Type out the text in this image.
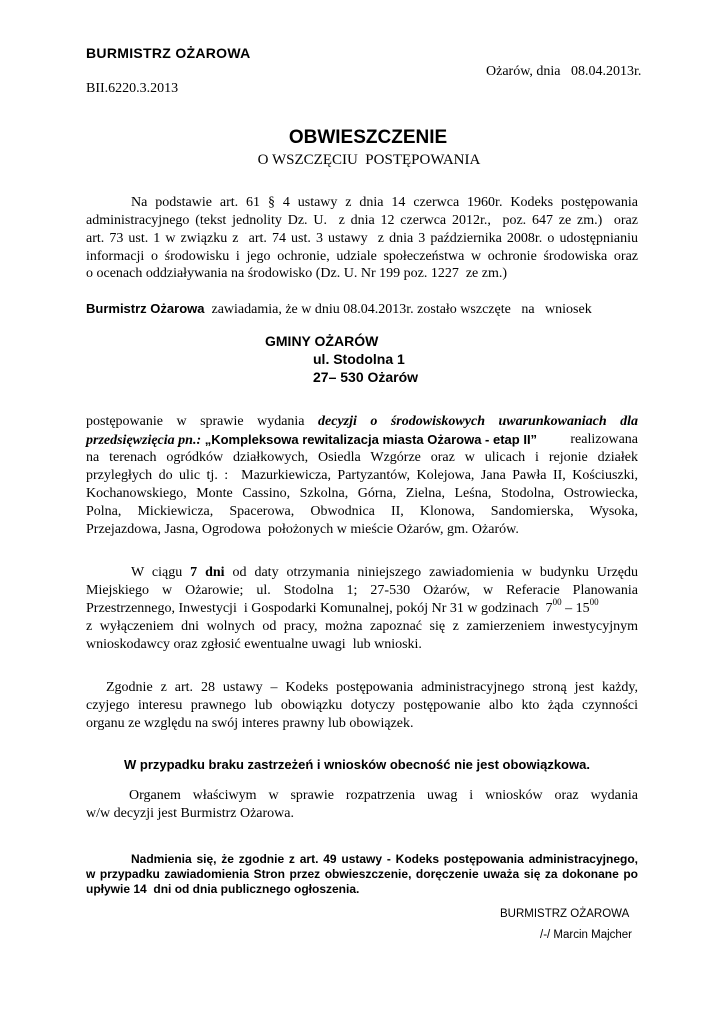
BURMISTRZ OŻAROWA
Ożarów, dnia   08.04.2013r.
BII.6220.3.2013
OBWIESZCZENIE
O WSZCZĘCIU  POSTĘPOWANIA
Na podstawie art. 61 § 4 ustawy z dnia 14 czerwca 1960r. Kodeks postępowania
administracyjnego (tekst jednolity Dz. U.  z dnia 12 czerwca 2012r.,  poz. 647 ze zm.)  oraz
art. 73 ust. 1 w związku z  art. 74 ust. 3 ustawy  z dnia 3 października 2008r. o udostępnianiu
informacji o środowisku i jego ochronie, udziale społeczeństwa w ochronie środowiska oraz
o ocenach oddziaływania na środowisko (Dz. U. Nr 199 poz. 1227  ze zm.)
Burmistrz Ożarowa  zawiadamia, że w dniu 08.04.2013r. zostało wszczęte   na   wniosek
GMINY OŻARÓW
ul. Stodolna 1
27– 530 Ożarów
postępowanie w sprawie wydania decyzji o środowiskowych uwarunkowaniach dla
przedsięwzięcia pn.: „Kompleksowa rewitalizacja miasta Ożarowa - etap II” realizowana
na terenach ogródków działkowych, Osiedla Wzgórze oraz w ulicach i rejonie działek
przyległych do ulic tj. :  Mazurkiewicza, Partyzantów, Kolejowa, Jana Pawła II, Kościuszki,
Kochanowskiego, Monte Cassino, Szkolna, Górna, Zielna, Leśna, Stodolna, Ostrowiecka,
Polna, Mickiewicza, Spacerowa, Obwodnica II, Klonowa, Sandomierska, Wysoka,
Przejazdowa, Jasna, Ogrodowa  położonych w mieście Ożarów, gm. Ożarów.
W ciągu 7 dni od daty otrzymania niniejszego zawiadomienia w budynku Urzędu
Miejskiego w Ożarowie; ul. Stodolna 1; 27-530 Ożarów, w Referacie Planowania
Przestrzennego, Inwestycji  i Gospodarki Komunalnej, pokój Nr 31 w godzinach  $7^{00} - 15^{00}$
z wyłączeniem dni wolnych od pracy, można zapoznać się z zamierzeniem inwestycyjnym
wnioskodawcy oraz zgłosić ewentualne uwagi  lub wnioski.
Zgodnie z art. 28 ustawy – Kodeks postępowania administracyjnego stroną jest każdy,
czyjego interesu prawnego lub obowiązku dotyczy postępowanie albo kto żąda czynności
organu ze względu na swój interes prawny lub obowiązek.
W przypadku braku zastrzeżeń i wniosków obecność nie jest obowiązkowa.
Organem właściwym w sprawie rozpatrzenia uwag i wniosków oraz wydania
w/w decyzji jest Burmistrz Ożarowa.
Nadmienia się, że zgodnie z art. 49 ustawy - Kodeks postępowania administracyjnego,
w przypadku zawiadomienia Stron przez obwieszczenie, doręczenie uważa się za dokonane po
upływie 14  dni od dnia publicznego ogłoszenia.
BURMISTRZ OŻAROWA
/-/ Marcin Majcher
